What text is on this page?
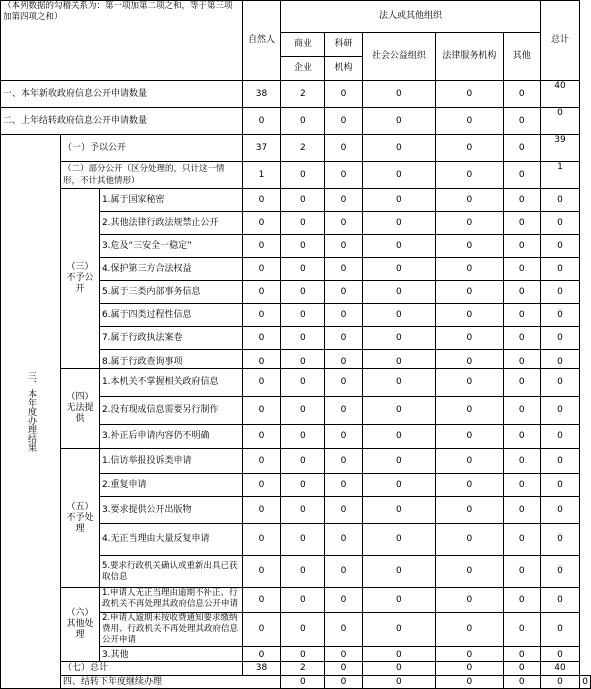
（本列数据的勾稽关系为：第一项加第二项之和，等于第三项加第四项之和）			自然人	法人或其他组织					总计	
				商业	科研	社会公益组织	法律服务机构	其他		
				企业	机构					
一、本年新收政府信息公开申请数量			38	2	0	0	0	0	40	
二、上年结转政府信息公开申请数量			0	0	0	0	0	0	0	
三、本年度办理结果	（一）予以公开		37	2	0	0	0	0	39	
	（二）部分公开（区分处理的，只计这一情形，不计其他情形）		1	0	0	0	0	0	1	
	（三）不予公开	1.属于国家秘密	0	0	0	0	0	0	0	
		2.其他法律行政法规禁止公开	0	0	0	0	0	0	0	
		3.危及“三安全一稳定”	0	0	0	0	0	0	0	
		4.保护第三方合法权益	0	0	0	0	0	0	0	
		5.属于三类内部事务信息	0	0	0	0	0	0	0	
		6.属于四类过程性信息	0	0	0	0	0	0	0	
		7.属于行政执法案卷	0	0	0	0	0	0	0	
		8.属于行政查询事项	0	0	0	0	0	0	0	
	（四）无法提供	1.本机关不掌握相关政府信息	0	0	0	0	0	0	0	
		2.没有现成信息需要另行制作	0	0	0	0	0	0	0	
		3.补正后申请内容仍不明确	0	0	0	0	0	0	0	
	（五）不予处理	1.信访举报投诉类申请	0	0	0	0	0	0	0	
		2.重复申请	0	0	0	0	0	0	0	
		3.要求提供公开出版物	0	0	0	0	0	0	0	
		4.无正当理由大量反复申请	0	0	0	0	0	0	0	
		5.要求行政机关确认或重新出具已获取信息	0	0	0	0	0	0	0	
	（六）其他处理	1.申请人无正当理由逾期不补正、行政机关不再处理其政府信息公开申请	0	0	0	0	0	0	0	
		2.申请人逾期未按收费通知要求缴纳费用、行政机关不再处理其政府信息公开申请	0	0	0	0	0	0	0	
		3.其他	0	0	0	0	0	0	0	
	（七）总计		38	2	0	0	0	0	40	
	四、结转下年度继续办理			0	0	0	0	0	0	0
